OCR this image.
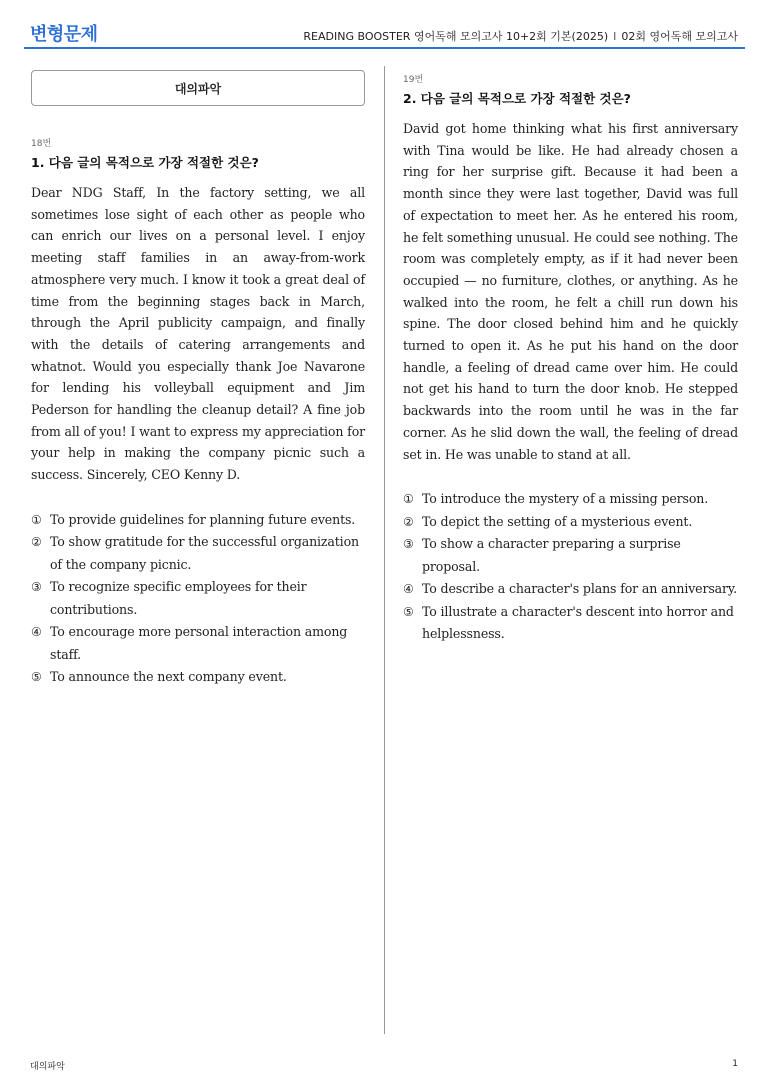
변형문제	READING BOOSTER 영어독해 모의고사 10+2회 기본(2025) I 02회 영어독해 모의고사
대의파악
18번
1. 다음 글의 목적으로 가장 적절한 것은?
Dear NDG Staff, In the factory setting, we all sometimes lose sight of each other as people who can enrich our lives on a personal level. I enjoy meeting staff families in an away-from-work atmosphere very much. I know it took a great deal of time from the beginning stages back in March, through the April publicity campaign, and finally with the details of catering arrangements and whatnot. Would you especially thank Joe Navarone for lending his volleyball equipment and Jim Pederson for handling the cleanup detail? A fine job from all of you! I want to express my appreciation for your help in making the company picnic such a success. Sincerely, CEO Kenny D.
① To provide guidelines for planning future events.
② To show gratitude for the successful organization of the company picnic.
③ To recognize specific employees for their contributions.
④ To encourage more personal interaction among staff.
⑤ To announce the next company event.
19번
2. 다음 글의 목적으로 가장 적절한 것은?
David got home thinking what his first anniversary with Tina would be like. He had already chosen a ring for her surprise gift. Because it had been a month since they were last together, David was full of expectation to meet her. As he entered his room, he felt something unusual. He could see nothing. The room was completely empty, as if it had never been occupied — no furniture, clothes, or anything. As he walked into the room, he felt a chill run down his spine. The door closed behind him and he quickly turned to open it. As he put his hand on the door handle, a feeling of dread came over him. He could not get his hand to turn the door knob. He stepped backwards into the room until he was in the far corner. As he slid down the wall, the feeling of dread set in. He was unable to stand at all.
① To introduce the mystery of a missing person.
② To depict the setting of a mysterious event.
③ To show a character preparing a surprise proposal.
④ To describe a character's plans for an anniversary.
⑤ To illustrate a character's descent into horror and helplessness.
대의파악	1
